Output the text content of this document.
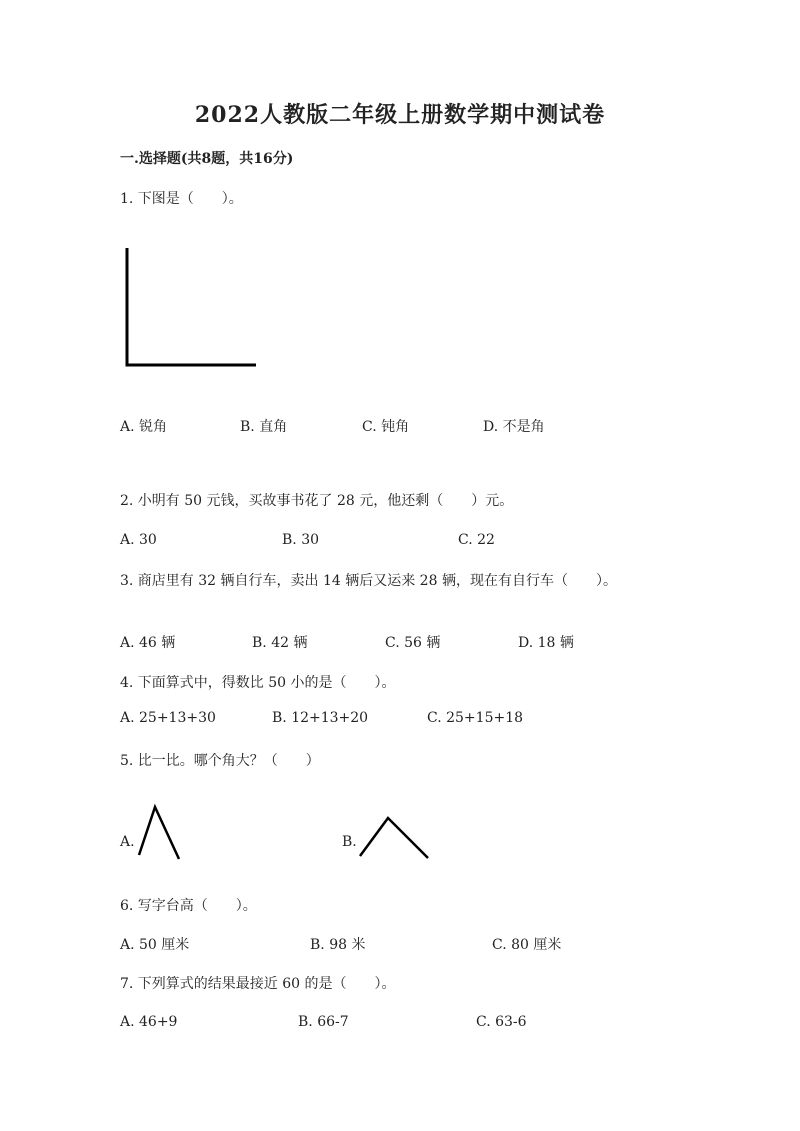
2022人教版二年级上册数学期中测试卷
一.选择题(共8题，共16分)
1. 下图是（　　）。
A. 锐角	B. 直角	C. 钝角	D. 不是角
2. 小明有 50 元钱，买故事书花了 28 元，他还剩（　　）元。
A. 30	B. 30	C. 22
3. 商店里有 32 辆自行车，卖出 14 辆后又运来 28 辆，现在有自行车（　　）。
A. 46 辆	B. 42 辆	C. 56 辆	D. 18 辆
4. 下面算式中，得数比 50 小的是（　　）。
A. 25+13+30	B. 12+13+20	C. 25+15+18
5. 比一比。哪个角大？（　　）
A.	B.
6. 写字台高（　　）。
A. 50 厘米	B. 98 米	C. 80 厘米
7. 下列算式的结果最接近 60 的是（　　）。
A. 46+9	B. 66-7	C. 63-6
